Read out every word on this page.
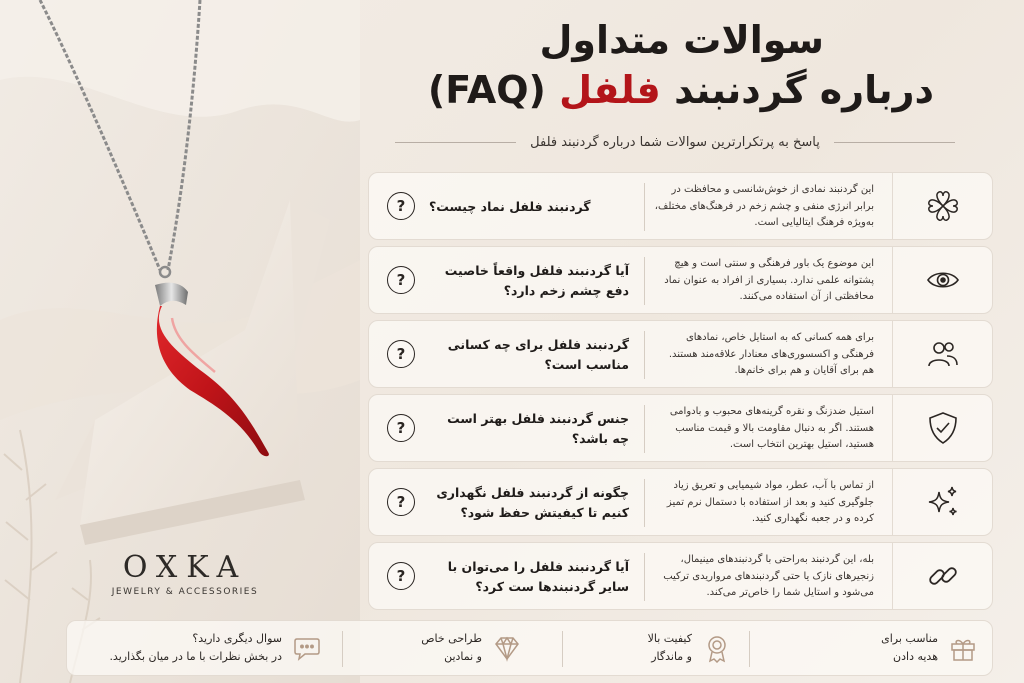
OXKA
JEWELRY & ACCESSORIES
سوالات متداول
درباره گردنبند فلفل (FAQ)
پاسخ به پرتکرارترین سوالات شما درباره گردنبند فلفل
?	گردنبند فلفل نماد چیست؟
این گردنبند نمادی از خوش‌شانسی و محافظت در برابر انرژی منفی و چشم زخم در فرهنگ‌های مختلف، به‌ویژه فرهنگ ایتالیایی است.
?
آیا گردنبند فلفل واقعاً خاصیت دفع چشم زخم دارد؟
این موضوع یک باور فرهنگی و سنتی است و هیچ پشتوانه علمی ندارد. بسیاری از افراد به عنوان نماد محافظتی از آن استفاده می‌کنند.
?
گردنبند فلفل برای چه کسانی مناسب است؟
برای همه کسانی که به استایل خاص، نمادهای فرهنگی و اکسسوری‌های معنادار علاقه‌مند هستند. هم برای آقایان و هم برای خانم‌ها.
?
جنس گردنبند فلفل بهتر است چه باشد؟
استیل ضدزنگ و نقره گرینه‌های محبوب و بادوامی هستند. اگر به دنبال مقاومت بالا و قیمت مناسب هستید، استیل بهترین انتخاب است.
?
چگونه از گردنبند فلفل نگهداری کنیم تا کیفیتش حفظ شود؟
از تماس با آب، عطر، مواد شیمیایی و تعریق زیاد جلوگیری کنید و بعد از استفاده با دستمال نرم تمیز کرده و در جعبه نگهداری کنید.
?
آیا گردنبند فلفل را می‌توان با سایر گردنبندها ست کرد؟
بله، این گردنبند به‌راحتی با گردنبندهای مینیمال، زنجیرهای نازک یا حتی گردنبندهای مرواریدی ترکیب می‌شود و استایل شما را خاص‌تر می‌کند.
مناسب برای
هدیه دادن
کیفیت بالا
و ماندگار
طراحی خاص
و نمادین
سوال دیگری دارید؟
در بخش نظرات با ما در میان بگذارید.
